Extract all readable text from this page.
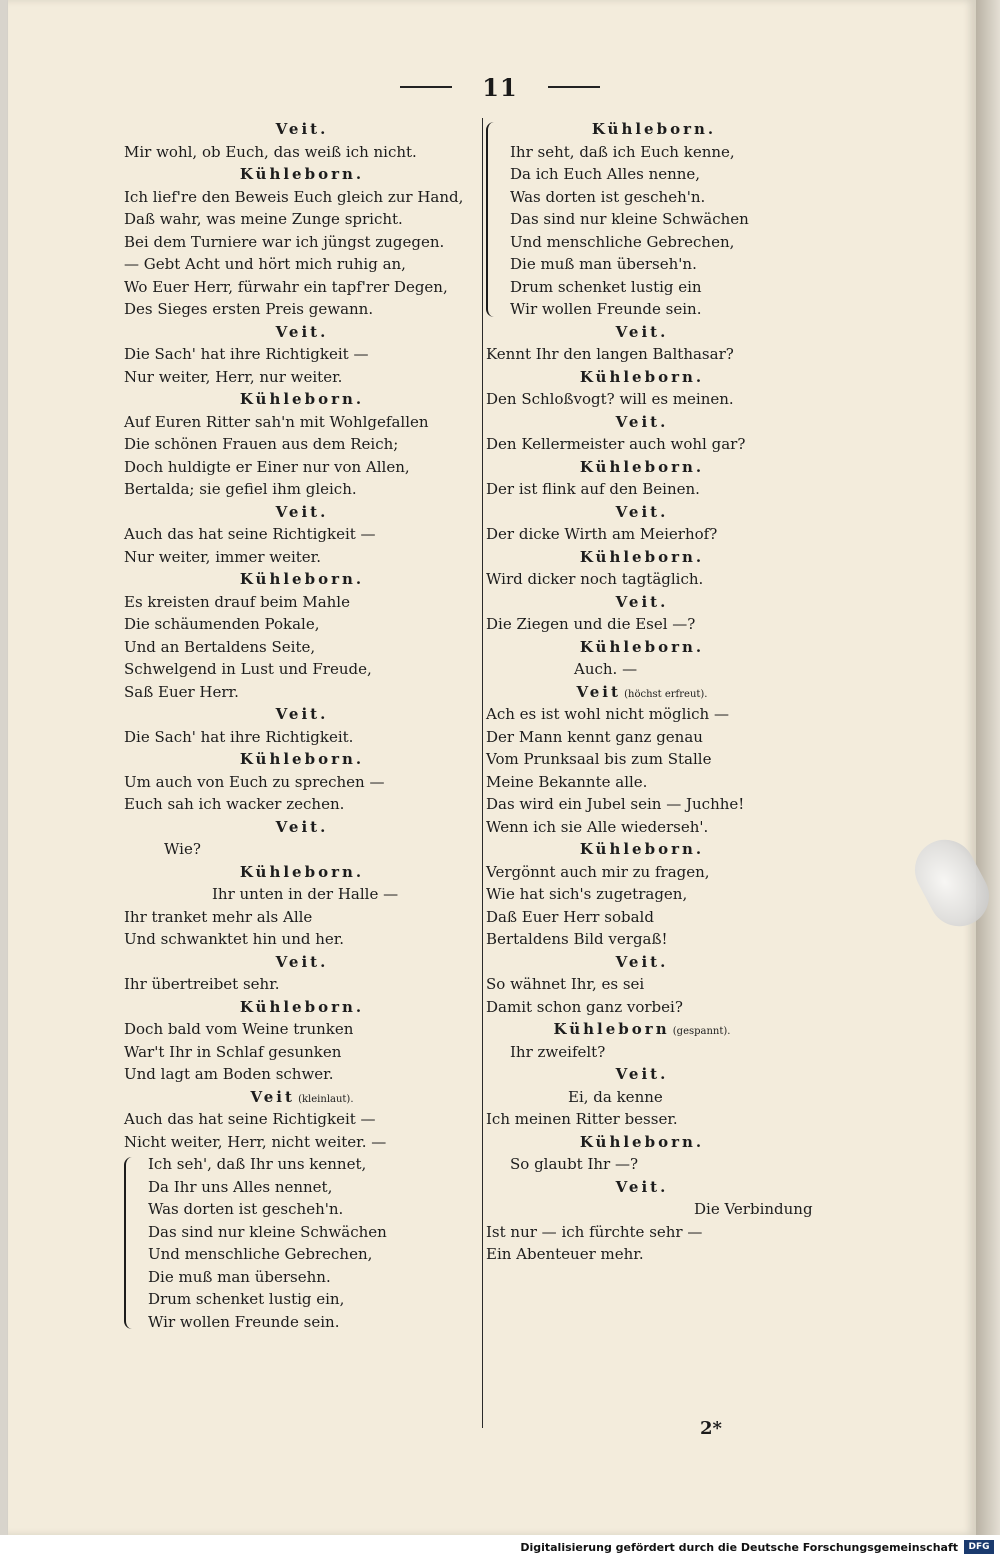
11
Veit.
Mir wohl, ob Euch, das weiß ich nicht.
Kühleborn.
Ich lief're den Beweis Euch gleich zur Hand,
Daß wahr, was meine Zunge spricht.
Bei dem Turniere war ich jüngst zugegen.
— Gebt Acht und hört mich ruhig an,
Wo Euer Herr, fürwahr ein tapf'rer Degen,
Des Sieges ersten Preis gewann.
Veit.
Die Sach' hat ihre Richtigkeit —
Nur weiter, Herr, nur weiter.
Kühleborn.
Auf Euren Ritter sah'n mit Wohlgefallen
Die schönen Frauen aus dem Reich;
Doch huldigte er Einer nur von Allen,
Bertalda; sie gefiel ihm gleich.
Veit.
Auch das hat seine Richtigkeit —
Nur weiter, immer weiter.
Kühleborn.
Es kreisten drauf beim Mahle
Die schäumenden Pokale,
Und an Bertaldens Seite,
Schwelgend in Lust und Freude,
Saß Euer Herr.
Veit.
Die Sach' hat ihre Richtigkeit.
Kühleborn.
Um auch von Euch zu sprechen —
Euch sah ich wacker zechen.
Veit.
Wie?
Kühleborn.
Ihr unten in der Halle —
Ihr tranket mehr als Alle
Und schwanktet hin und her.
Veit.
Ihr übertreibet sehr.
Kühleborn.
Doch bald vom Weine trunken
War't Ihr in Schlaf gesunken
Und lagt am Boden schwer.
Veit (kleinlaut).
Auch das hat seine Richtigkeit —
Nicht weiter, Herr, nicht weiter. —
Ich seh', daß Ihr uns kennet,
Da Ihr uns Alles nennet,
Was dorten ist gescheh'n.
Das sind nur kleine Schwächen
Und menschliche Gebrechen,
Die muß man übersehn.
Drum schenket lustig ein,
Wir wollen Freunde sein.
Kühleborn.
Ihr seht, daß ich Euch kenne,
Da ich Euch Alles nenne,
Was dorten ist gescheh'n.
Das sind nur kleine Schwächen
Und menschliche Gebrechen,
Die muß man überseh'n.
Drum schenket lustig ein
Wir wollen Freunde sein.
Veit.
Kennt Ihr den langen Balthasar?
Kühleborn.
Den Schloßvogt? will es meinen.
Veit.
Den Kellermeister auch wohl gar?
Kühleborn.
Der ist flink auf den Beinen.
Veit.
Der dicke Wirth am Meierhof?
Kühleborn.
Wird dicker noch tagtäglich.
Veit.
Die Ziegen und die Esel —?
Kühleborn.
Auch. —
Veit (höchst erfreut).
Ach es ist wohl nicht möglich —
Der Mann kennt ganz genau
Vom Prunksaal bis zum Stalle
Meine Bekannte alle.
Das wird ein Jubel sein — Juchhe!
Wenn ich sie Alle wiederseh'.
Kühleborn.
Vergönnt auch mir zu fragen,
Wie hat sich's zugetragen,
Daß Euer Herr sobald
Bertaldens Bild vergaß!
Veit.
So wähnet Ihr, es sei
Damit schon ganz vorbei?
Kühleborn (gespannt).
Ihr zweifelt?
Veit.
Ei, da kenne
Ich meinen Ritter besser.
Kühleborn.
So glaubt Ihr —?
Veit.
Die Verbindung
Ist nur — ich fürchte sehr —
Ein Abenteuer mehr.
2*
Digitalisierung gefördert durch die Deutsche Forschungsgemeinschaft	DFG
